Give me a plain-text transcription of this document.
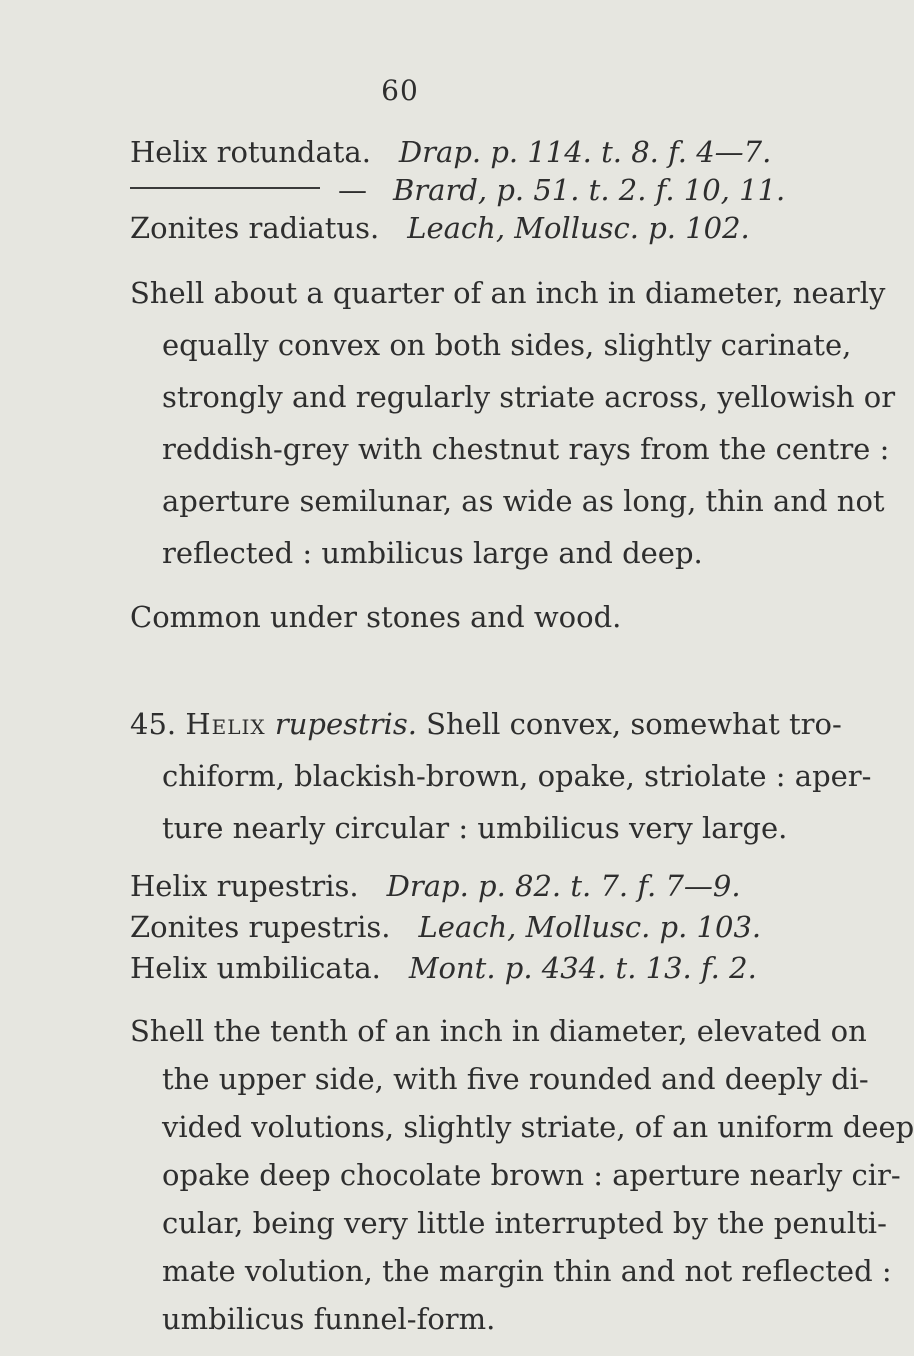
60
Helix rotundata. Drap. p. 114. t. 8. f. 4—7.
— Brard, p. 51. t. 2. f. 10, 11.
Zonites radiatus. Leach, Mollusc. p. 102.
Shell about a quarter of an inch in diameter, nearly
equally convex on both sides, slightly carinate,
strongly and regularly striate across, yellowish or
reddish-grey with chestnut rays from the centre :
aperture semilunar, as wide as long, thin and not
reflected : umbilicus large and deep.
Common under stones and wood.
45. Helix rupestris. Shell convex, somewhat tro-
chiform, blackish-brown, opake, striolate : aper-
ture nearly circular : umbilicus very large.
Helix rupestris. Drap. p. 82. t. 7. f. 7—9.
Zonites rupestris. Leach, Mollusc. p. 103.
Helix umbilicata. Mont. p. 434. t. 13. f. 2.
Shell the tenth of an inch in diameter, elevated on
the upper side, with five rounded and deeply di-
vided volutions, slightly striate, of an uniform deep
opake deep chocolate brown : aperture nearly cir-
cular, being very little interrupted by the penulti-
mate volution, the margin thin and not reflected :
umbilicus funnel-form.
